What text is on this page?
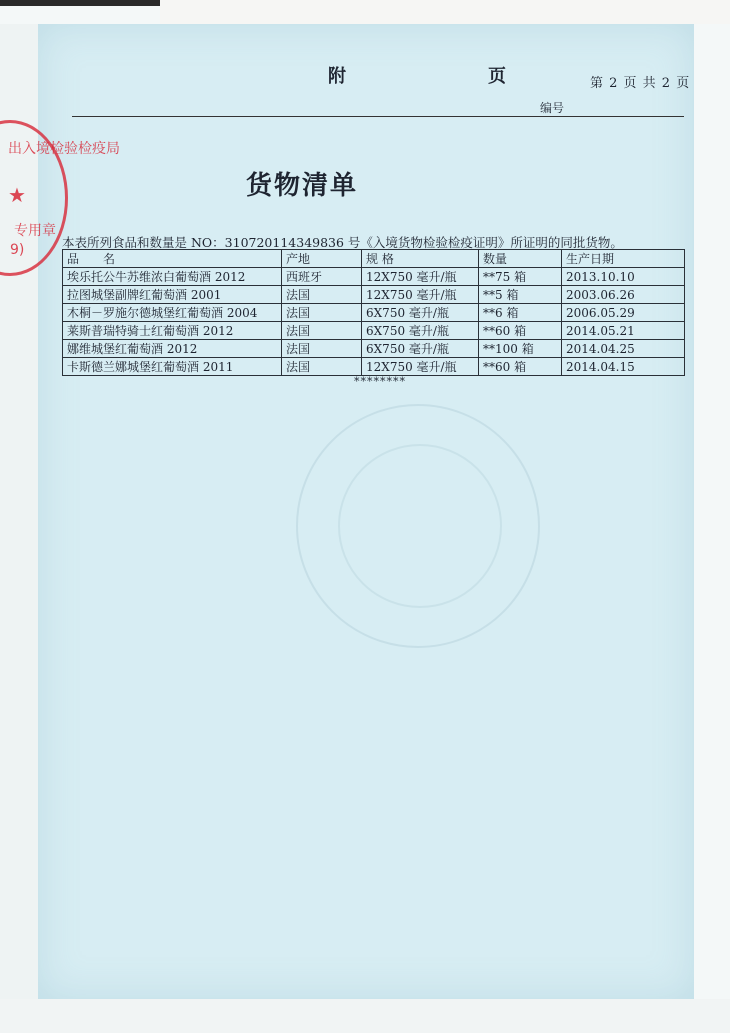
出入境检验检疫局
专用章
9)
★
附　页 第 2 页 共 2 页
编号
货物清单
本表所列食品和数量是 NO：310720114349836 号《入境货物检验检疫证明》所证明的同批货物。
品　　名	产地	规 格	数量	生产日期
埃乐托公牛苏维浓白葡萄酒 2012	西班牙	12X750 毫升/瓶	**75 箱	2013.10.10
拉图城堡副牌红葡萄酒 2001	法国	12X750 毫升/瓶	**5 箱	2003.06.26
木桐－罗施尔德城堡红葡萄酒 2004	法国	6X750 毫升/瓶	**6 箱	2006.05.29
莱斯普瑞特骑士红葡萄酒 2012	法国	6X750 毫升/瓶	**60 箱	2014.05.21
娜维城堡红葡萄酒 2012	法国	6X750 毫升/瓶	**100 箱	2014.04.25
卡斯德兰娜城堡红葡萄酒 2011	法国	12X750 毫升/瓶	**60 箱	2014.04.15
********
